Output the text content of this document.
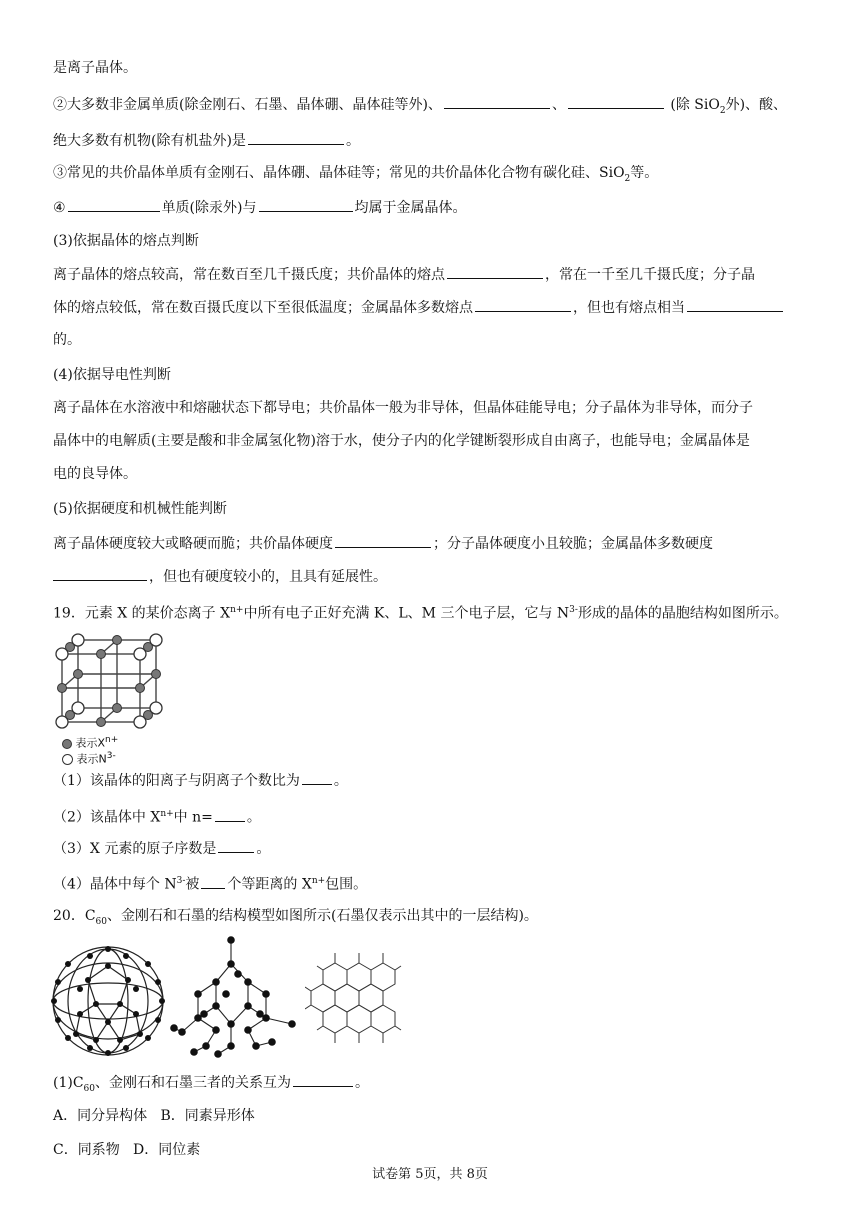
是离子晶体。
②大多数非金属单质(除金刚石、石墨、晶体硼、晶体硅等外)、	、	(除 SiO$_2$外)、酸、
绝大多数有机物(除有机盐外)是	。
③常见的共价晶体单质有金刚石、晶体硼、晶体硅等；常见的共价晶体化合物有碳化硅、SiO$_2$等。
④	单质(除汞外)与	均属于金属晶体。
(3)依据晶体的熔点判断
离子晶体的熔点较高，常在数百至几千摄氏度；共价晶体的熔点	，常在一千至几千摄氏度；分子晶
体的熔点较低，常在数百摄氏度以下至很低温度；金属晶体多数熔点	，但也有熔点相当
的。
(4)依据导电性判断
离子晶体在水溶液中和熔融状态下都导电；共价晶体一般为非导体，但晶体硅能导电；分子晶体为非导体，而分子
晶体中的电解质(主要是酸和非金属氢化物)溶于水，使分子内的化学键断裂形成自由离子，也能导电；金属晶体是
电的良导体。
(5)依据硬度和机械性能判断
离子晶体硬度较大或略硬而脆；共价晶体硬度	；分子晶体硬度小且较脆；金属晶体多数硬度
，但也有硬度较小的，且具有延展性。
19．元素 X 的某价态离子 $X^{n+}$中所有电子正好充满 K、L、M 三个电子层，它与 $N^{3-}$形成的晶体的晶胞结构如图所示。
表示$X^{n+}$
表示$N^{3-}$
（1）该晶体的阳离子与阴离子个数比为 。
（2）该晶体中 $X^{n+}$中 n= 。
（3）X 元素的原子序数是	。
（4）晶体中每个 $N^{3-}$被 个等距离的 $X^{n+}$包围。
20．$C_{60}$、金刚石和石墨的结构模型如图所示(石墨仅表示出其中的一层结构)。
$(1)C_{60}$、金刚石和石墨三者的关系互为	。
A．同分异构体   B．同素异形体
C．同系物   D．同位素
试卷第 5页，共 8页
